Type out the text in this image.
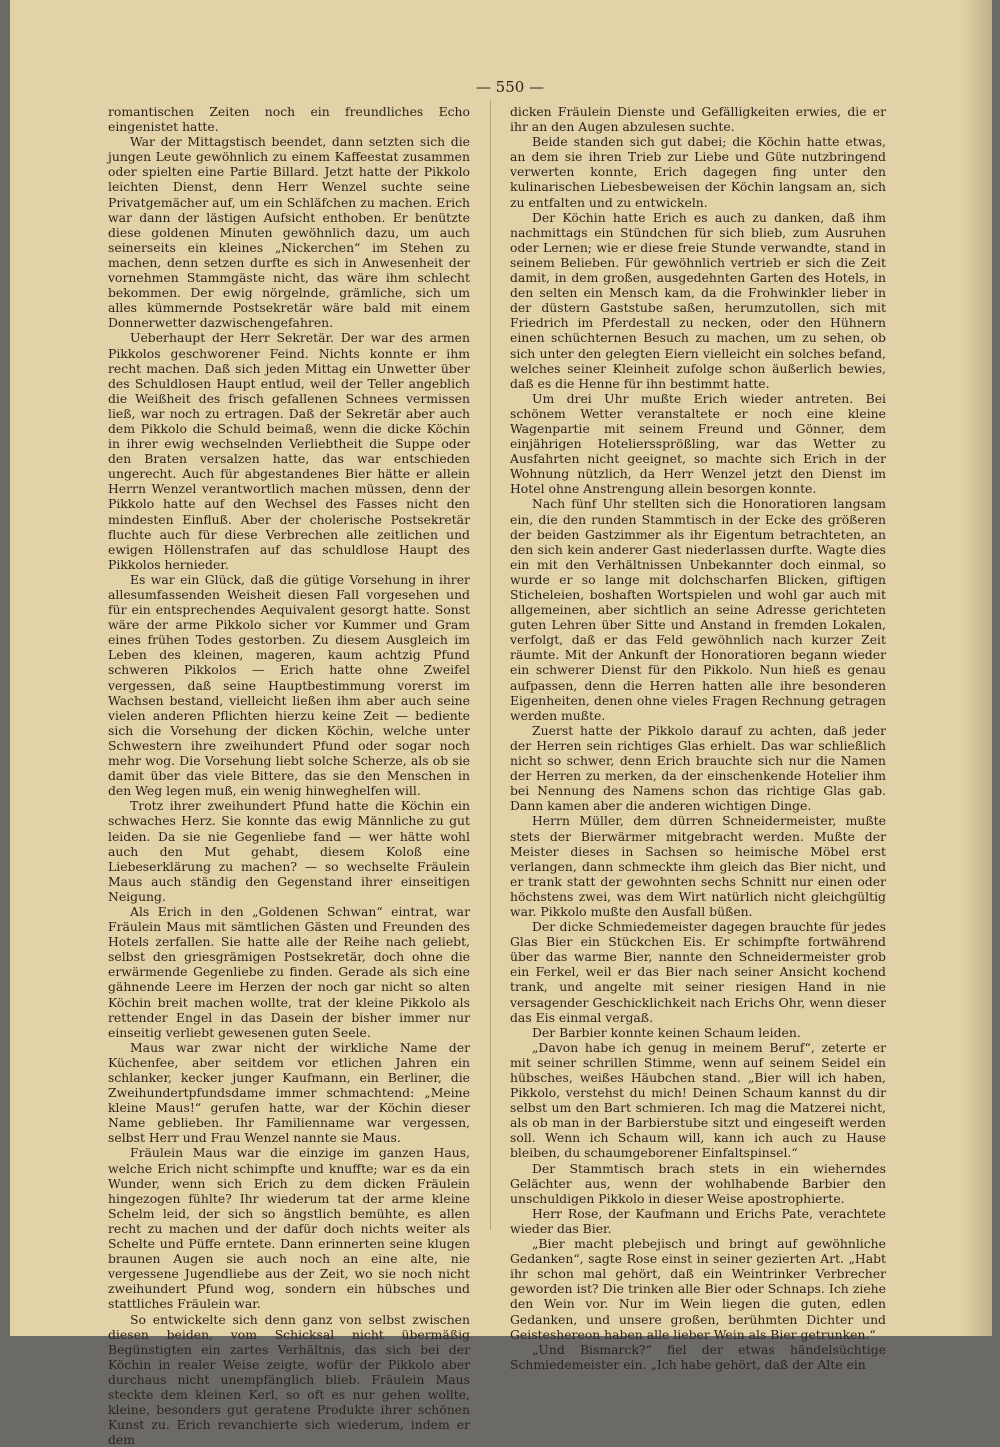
— 550 —

romantischen Zeiten noch ein freundliches Echo eingenistet hatte.

War der Mittagstisch beendet, dann setzten sich die jungen Leute gewöhnlich zu einem Kaffeestat zusammen oder spielten eine Partie Billard. Jetzt hatte der Pikkolo leichten Dienst, denn Herr Wenzel suchte seine Privatgemächer auf, um ein Schläfchen zu machen. Erich war dann der lästigen Aufsicht enthoben. Er benützte diese goldenen Minuten gewöhnlich dazu, um auch seinerseits ein kleines „Nickerchen“ im Stehen zu machen, denn setzen durfte es sich in Anwesenheit der vornehmen Stammgäste nicht, das wäre ihm schlecht bekommen. Der ewig nörgelnde, grämliche, sich um alles kümmernde Postsekretär wäre bald mit einem Donnerwetter dazwischengefahren.

Ueberhaupt der Herr Sekretär. Der war des armen Pikkolos geschworener Feind. Nichts konnte er ihm recht machen. Daß sich jeden Mittag ein Unwetter über des Schuldlosen Haupt entlud, weil der Teller angeblich die Weißheit des frisch gefallenen Schnees vermissen ließ, war noch zu ertragen. Daß der Sekretär aber auch dem Pikkolo die Schuld beimaß, wenn die dicke Köchin in ihrer ewig wechselnden Verliebtheit die Suppe oder den Braten versalzen hatte, das war entschieden ungerecht. Auch für abgestandenes Bier hätte er allein Herrn Wenzel verantwortlich machen müssen, denn der Pikkolo hatte auf den Wechsel des Fasses nicht den mindesten Einfluß. Aber der cholerische Postsekretär fluchte auch für diese Verbrechen alle zeitlichen und ewigen Höllenstrafen auf das schuldlose Haupt des Pikkolos hernieder.

Es war ein Glück, daß die gütige Vorsehung in ihrer allesumfassenden Weisheit diesen Fall vorgesehen und für ein entsprechendes Aequivalent gesorgt hatte. Sonst wäre der arme Pikkolo sicher vor Kummer und Gram eines frühen Todes gestorben. Zu diesem Ausgleich im Leben des kleinen, mageren, kaum achtzig Pfund schweren Pikkolos — Erich hatte ohne Zweifel vergessen, daß seine Hauptbestimmung vorerst im Wachsen bestand, vielleicht ließen ihm aber auch seine vielen anderen Pflichten hierzu keine Zeit — bediente sich die Vorsehung der dicken Köchin, welche unter Schwestern ihre zweihundert Pfund oder sogar noch mehr wog. Die Vorsehung liebt solche Scherze, als ob sie damit über das viele Bittere, das sie den Menschen in den Weg legen muß, ein wenig hinweghelfen will.

Trotz ihrer zweihundert Pfund hatte die Köchin ein schwaches Herz. Sie konnte das ewig Männliche zu gut leiden. Da sie nie Gegenliebe fand — wer hätte wohl auch den Mut gehabt, diesem Koloß eine Liebeserklärung zu machen? — so wechselte Fräulein Maus auch ständig den Gegenstand ihrer einseitigen Neigung.

Als Erich in den „Goldenen Schwan“ eintrat, war Fräulein Maus mit sämtlichen Gästen und Freunden des Hotels zerfallen. Sie hatte alle der Reihe nach geliebt, selbst den griesgrämigen Postsekretär, doch ohne die erwärmende Gegenliebe zu finden. Gerade als sich eine gähnende Leere im Herzen der noch gar nicht so alten Köchin breit machen wollte, trat der kleine Pikkolo als rettender Engel in das Dasein der bisher immer nur einseitig verliebt gewesenen guten Seele.

Maus war zwar nicht der wirkliche Name der Küchenfee, aber seitdem vor etlichen Jahren ein schlanker, kecker junger Kaufmann, ein Berliner, die Zweihundertpfundsdame immer schmachtend: „Meine kleine Maus!“ gerufen hatte, war der Köchin dieser Name geblieben. Ihr Familienname war vergessen, selbst Herr und Frau Wenzel nannte sie Maus.

Fräulein Maus war die einzige im ganzen Haus, welche Erich nicht schimpfte und knuffte; war es da ein Wunder, wenn sich Erich zu dem dicken Fräulein hingezogen fühlte? Ihr wiederum tat der arme kleine Schelm leid, der sich so ängstlich bemühte, es allen recht zu machen und der dafür doch nichts weiter als Schelte und Püffe erntete. Dann erinnerten seine klugen braunen Augen sie auch noch an eine alte, nie vergessene Jugendliebe aus der Zeit, wo sie noch nicht zweihundert Pfund wog, sondern ein hübsches und stattliches Fräulein war.

So entwickelte sich denn ganz von selbst zwischen diesen beiden, vom Schicksal nicht übermäßig Begünstigten ein zartes Verhältnis, das sich bei der Köchin in realer Weise zeigte, wofür der Pikkolo aber durchaus nicht unempfänglich blieb. Fräulein Maus steckte dem kleinen Kerl, so oft es nur gehen wollte, kleine, besonders gut geratene Produkte ihrer schönen Kunst zu. Erich revanchierte sich wiederum, indem er dem

dicken Fräulein Dienste und Gefälligkeiten erwies, die er ihr an den Augen abzulesen suchte.

Beide standen sich gut dabei; die Köchin hatte etwas, an dem sie ihren Trieb zur Liebe und Güte nutzbringend verwerten konnte, Erich dagegen fing unter den kulinarischen Liebesbeweisen der Köchin langsam an, sich zu entfalten und zu entwickeln.

Der Köchin hatte Erich es auch zu danken, daß ihm nachmittags ein Stündchen für sich blieb, zum Ausruhen oder Lernen; wie er diese freie Stunde verwandte, stand in seinem Belieben. Für gewöhnlich vertrieb er sich die Zeit damit, in dem großen, ausgedehnten Garten des Hotels, in den selten ein Mensch kam, da die Frohwinkler lieber in der düstern Gaststube saßen, herumzutollen, sich mit Friedrich im Pferdestall zu necken, oder den Hühnern einen schüchternen Besuch zu machen, um zu sehen, ob sich unter den gelegten Eiern vielleicht ein solches befand, welches seiner Kleinheit zufolge schon äußerlich bewies, daß es die Henne für ihn bestimmt hatte.

Um drei Uhr mußte Erich wieder antreten. Bei schönem Wetter veranstaltete er noch eine kleine Wagenpartie mit seinem Freund und Gönner, dem einjährigen Hotelierssprößling, war das Wetter zu Ausfahrten nicht geeignet, so machte sich Erich in der Wohnung nützlich, da Herr Wenzel jetzt den Dienst im Hotel ohne Anstrengung allein besorgen konnte.

Nach fünf Uhr stellten sich die Honoratioren langsam ein, die den runden Stammtisch in der Ecke des größeren der beiden Gastzimmer als ihr Eigentum betrachteten, an den sich kein anderer Gast niederlassen durfte. Wagte dies ein mit den Verhältnissen Unbekannter doch einmal, so wurde er so lange mit dolchscharfen Blicken, giftigen Sticheleien, boshaften Wortspielen und wohl gar auch mit allgemeinen, aber sichtlich an seine Adresse gerichteten guten Lehren über Sitte und Anstand in fremden Lokalen, verfolgt, daß er das Feld gewöhnlich nach kurzer Zeit räumte. Mit der Ankunft der Honoratioren begann wieder ein schwerer Dienst für den Pikkolo. Nun hieß es genau aufpassen, denn die Herren hatten alle ihre besonderen Eigenheiten, denen ohne vieles Fragen Rechnung getragen werden mußte.

Zuerst hatte der Pikkolo darauf zu achten, daß jeder der Herren sein richtiges Glas erhielt. Das war schließlich nicht so schwer, denn Erich brauchte sich nur die Namen der Herren zu merken, da der einschenkende Hotelier ihm bei Nennung des Namens schon das richtige Glas gab. Dann kamen aber die anderen wichtigen Dinge.

Herrn Müller, dem dürren Schneidermeister, mußte stets der Bierwärmer mitgebracht werden. Mußte der Meister dieses in Sachsen so heimische Möbel erst verlangen, dann schmeckte ihm gleich das Bier nicht, und er trank statt der gewohnten sechs Schnitt nur einen oder höchstens zwei, was dem Wirt natürlich nicht gleichgültig war. Pikkolo mußte den Ausfall büßen.

Der dicke Schmiedemeister dagegen brauchte für jedes Glas Bier ein Stückchen Eis. Er schimpfte fortwährend über das warme Bier, nannte den Schneidermeister grob ein Ferkel, weil er das Bier nach seiner Ansicht kochend trank, und angelte mit seiner riesigen Hand in nie versagender Geschicklichkeit nach Erichs Ohr, wenn dieser das Eis einmal vergaß.

Der Barbier konnte keinen Schaum leiden.

„Davon habe ich genug in meinem Beruf“, zeterte er mit seiner schrillen Stimme, wenn auf seinem Seidel ein hübsches, weißes Häubchen stand. „Bier will ich haben, Pikkolo, verstehst du mich! Deinen Schaum kannst du dir selbst um den Bart schmieren. Ich mag die Matzerei nicht, als ob man in der Barbierstube sitzt und eingeseift werden soll. Wenn ich Schaum will, kann ich auch zu Hause bleiben, du schaumgeborener Einfaltspinsel.“

Der Stammtisch brach stets in ein wieherndes Gelächter aus, wenn der wohlhabende Barbier den unschuldigen Pikkolo in dieser Weise apostrophierte.

Herr Rose, der Kaufmann und Erichs Pate, verachtete wieder das Bier.

„Bier macht plebejisch und bringt auf gewöhnliche Gedanken“, sagte Rose einst in seiner gezierten Art. „Habt ihr schon mal gehört, daß ein Weintrinker Verbrecher geworden ist? Die trinken alle Bier oder Schnaps. Ich ziehe den Wein vor. Nur im Wein liegen die guten, edlen Gedanken, und unsere großen, berühmten Dichter und Geisteshereon haben alle lieber Wein als Bier getrunken.“

„Und Bismarck?“ fiel der etwas händelsüchtige Schmiedemeister ein. „Ich habe gehört, daß der Alte ein
